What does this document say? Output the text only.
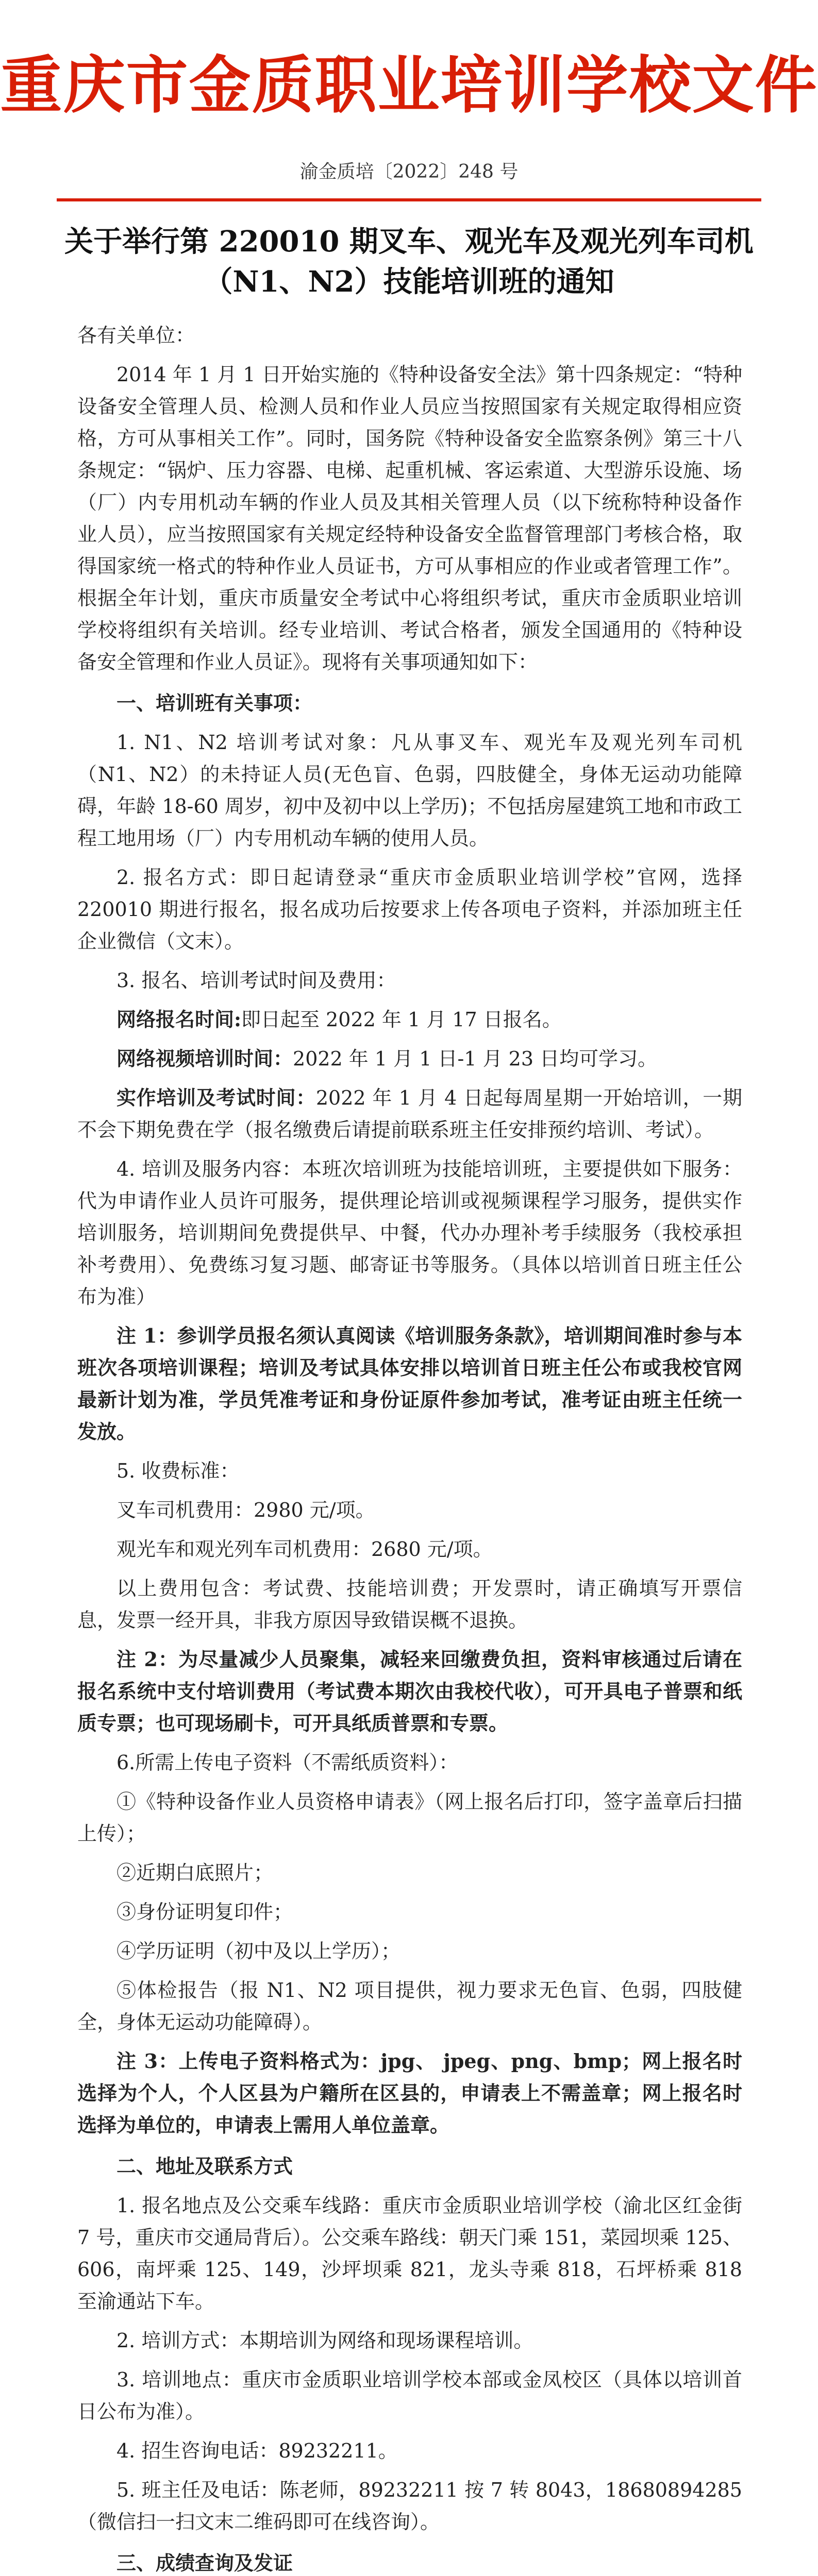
重庆市金质职业培训学校文件
渝金质培〔2022〕248 号
关于举行第 220010 期叉车、观光车及观光列车司机（N1、N2）技能培训班的通知

各有关单位：

2014 年 1 月 1 日开始实施的《特种设备安全法》第十四条规定：“特种设备安全管理人员、检测人员和作业人员应当按照国家有关规定取得相应资格，方可从事相关工作”。同时，国务院《特种设备安全监察条例》第三十八条规定：“锅炉、压力容器、电梯、起重机械、客运索道、大型游乐设施、场（厂）内专用机动车辆的作业人员及其相关管理人员（以下统称特种设备作业人员），应当按照国家有关规定经特种设备安全监督管理部门考核合格，取得国家统一格式的特种作业人员证书，方可从事相应的作业或者管理工作”。根据全年计划，重庆市质量安全考试中心将组织考试，重庆市金质职业培训学校将组织有关培训。经专业培训、考试合格者，颁发全国通用的《特种设备安全管理和作业人员证》。现将有关事项通知如下：

一、培训班有关事项：

1. N1、N2 培训考试对象：凡从事叉车、观光车及观光列车司机（N1、N2）的未持证人员(无色盲、色弱，四肢健全，身体无运动功能障碍，年龄 18-60 周岁，初中及初中以上学历)；不包括房屋建筑工地和市政工程工地用场（厂）内专用机动车辆的使用人员。

2. 报名方式：即日起请登录“重庆市金质职业培训学校”官网，选择 220010 期进行报名，报名成功后按要求上传各项电子资料，并添加班主任企业微信（文末）。

3. 报名、培训考试时间及费用：

网络报名时间:即日起至 2022 年 1 月 17 日报名。

网络视频培训时间：2022 年 1 月 1 日-1 月 23 日均可学习。

实作培训及考试时间：2022 年 1 月 4 日起每周星期一开始培训，一期不会下期免费在学（报名缴费后请提前联系班主任安排预约培训、考试）。

4. 培训及服务内容：本班次培训班为技能培训班，主要提供如下服务：代为申请作业人员许可服务，提供理论培训或视频课程学习服务，提供实作培训服务，培训期间免费提供早、中餐，代办办理补考手续服务（我校承担补考费用）、免费练习复习题、邮寄证书等服务。（具体以培训首日班主任公布为准）

注 1：参训学员报名须认真阅读《培训服务条款》，培训期间准时参与本班次各项培训课程；培训及考试具体安排以培训首日班主任公布或我校官网最新计划为准，学员凭准考证和身份证原件参加考试，准考证由班主任统一发放。

5. 收费标准：

叉车司机费用：2980 元/项。

观光车和观光列车司机费用：2680 元/项。

以上费用包含：考试费、技能培训费；开发票时，请正确填写开票信息，发票一经开具，非我方原因导致错误概不退换。

注 2：为尽量减少人员聚集，减轻来回缴费负担，资料审核通过后请在报名系统中支付培训费用（考试费本期次由我校代收），可开具电子普票和纸质专票；也可现场刷卡，可开具纸质普票和专票。

6.所需上传电子资料（不需纸质资料）：

①《特种设备作业人员资格申请表》（网上报名后打印，签字盖章后扫描上传）；

②近期白底照片；

③身份证明复印件；

④学历证明（初中及以上学历）；

⑤体检报告（报 N1、N2 项目提供，视力要求无色盲、色弱，四肢健全，身体无运动功能障碍）。

注 3：上传电子资料格式为：jpg、 jpeg、png、bmp；网上报名时选择为个人，个人区县为户籍所在区县的，申请表上不需盖章；网上报名时选择为单位的，申请表上需用人单位盖章。

二、地址及联系方式

1. 报名地点及公交乘车线路：重庆市金质职业培训学校（渝北区红金街 7 号，重庆市交通局背后）。公交乘车路线：朝天门乘 151，菜园坝乘 125、606，南坪乘 125、149，沙坪坝乘 821，龙头寺乘 818，石坪桥乘 818 至渝通站下车。

2. 培训方式：本期培训为网络和现场课程培训。

3. 培训地点：重庆市金质职业培训学校本部或金凤校区（具体以培训首日公布为准）。

4. 招生咨询电话：89232211。

5. 班主任及电话：陈老师，89232211 按 7 转 8043，18680894285（微信扫一扫文末二维码即可在线咨询）。

三、成绩查询及发证
